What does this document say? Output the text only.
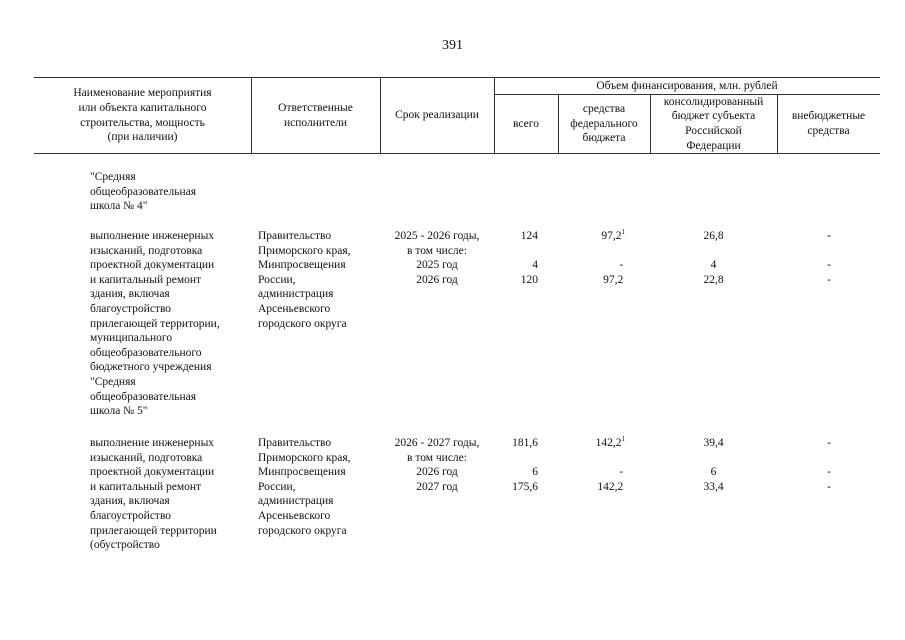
391
Наименование мероприятия
или объекта капитального
строительства, мощность
(при наличии)
Ответственные
исполнители
Срок реализации
Объем финансирования, млн. рублей
всего
средства
федерального
бюджета
консолидированный
бюджет субъекта
Российской
Федерации
внебюджетные
средства
"Средняя
общеобразовательная
школа № 4"
выполнение инженерных
изысканий, подготовка
проектной документации
и капитальный ремонт
здания, включая
благоустройство
прилегающей территории,
муниципального
общеобразовательного
бюджетного учреждения
"Средняя
общеобразовательная
школа № 5"
Правительство
Приморского края,
Минпросвещения
России,
администрация
Арсеньевского
городского округа
2025 - 2026 годы,
в том числе:
2025 год
2026 год
124

4
120
97,2$^1$

-
97,2
26,8

4
22,8
-

-
-
выполнение инженерных
изысканий, подготовка
проектной документации
и капитальный ремонт
здания, включая
благоустройство
прилегающей территории
(обустройство
Правительство
Приморского края,
Минпросвещения
России,
администрация
Арсеньевского
городского округа
2026 - 2027 годы,
в том числе:
2026 год
2027 год
181,6

6
175,6
142,2$^1$

-
142,2
39,4

6
33,4
-

-
-
